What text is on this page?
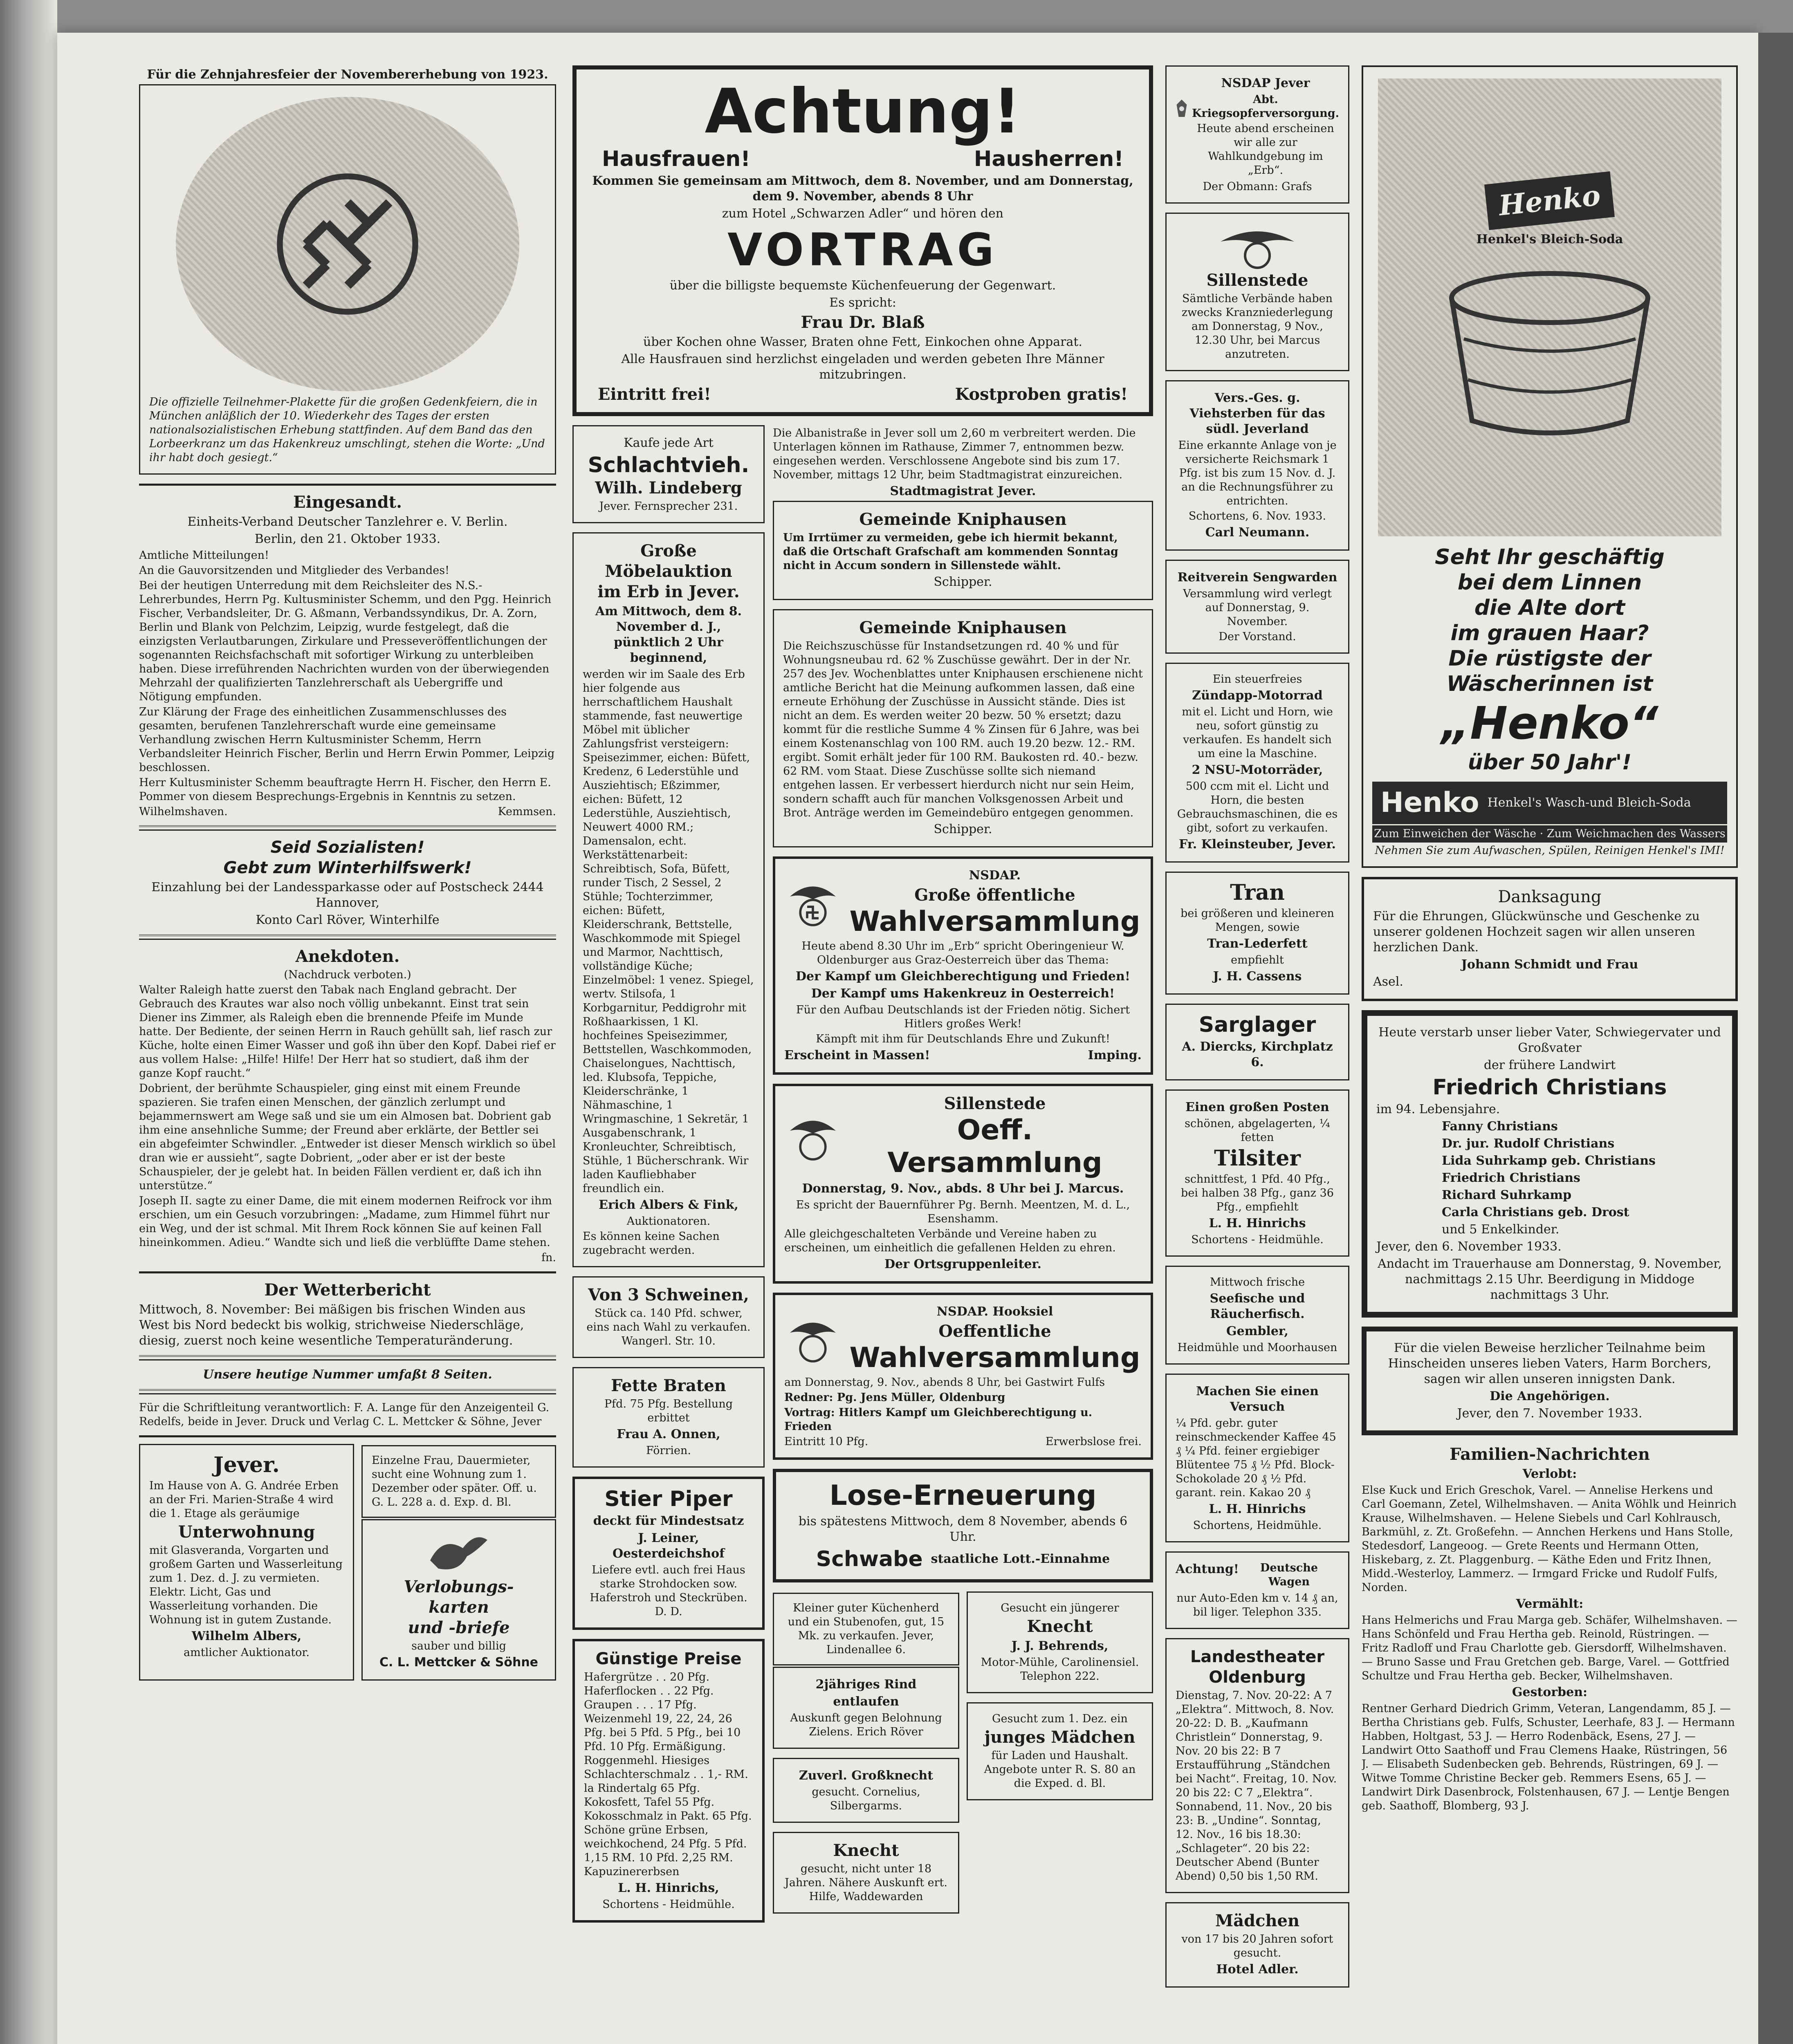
Für die Zehnjahresfeier der Novembererhebung von 1923.
Die offizielle Teilnehmer-Plakette für die großen Gedenkfeiern, die in München anläßlich der 10. Wiederkehr des Tages der ersten nationalsozialistischen Erhebung stattfinden. Auf dem Band das den Lorbeerkranz um das Hakenkreuz umschlingt, stehen die Worte: „Und ihr habt doch gesiegt.“
Eingesandt.
Einheits-Verband Deutscher Tanzlehrer e. V. Berlin.
Berlin, den 21. Oktober 1933.
Amtliche Mitteilungen!
An die Gauvorsitzenden und Mitglieder des Verbandes!
Bei der heutigen Unterredung mit dem Reichsleiter des N.S.-Lehrerbundes, Herrn Pg. Kultusminister Schemm, und den Pgg. Heinrich Fischer, Verbandsleiter, Dr. G. Aßmann, Verbandssyndikus, Dr. A. Zorn, Berlin und Blank von Pelchzim, Leipzig, wurde festgelegt, daß die einzigsten Verlautbarungen, Zirkulare und Presseveröffentlichungen der sogenannten Reichsfachschaft mit sofortiger Wirkung zu unterbleiben haben. Diese irreführenden Nachrichten wurden von der überwiegenden Mehrzahl der qualifizierten Tanzlehrerschaft als Uebergriffe und Nötigung empfunden.
Zur Klärung der Frage des einheitlichen Zusammenschlusses des gesamten, berufenen Tanzlehrerschaft wurde eine gemeinsame Verhandlung zwischen Herrn Kultusminister Schemm, Herrn Verbandsleiter Heinrich Fischer, Berlin und Herrn Erwin Pommer, Leipzig beschlossen.
Herr Kultusminister Schemm beauftragte Herrn H. Fischer, den Herrn E. Pommer von diesem Besprechungs-Ergebnis in Kenntnis zu setzen.
Wilhelmshaven.	Kemmsen.
Seid Sozialisten!
Gebt zum Winterhilfswerk!
Einzahlung bei der Landessparkasse oder auf Postscheck 2444 Hannover,
Konto Carl Röver, Winterhilfe
Anekdoten.
(Nachdruck verboten.)
Walter Raleigh hatte zuerst den Tabak nach England gebracht. Der Gebrauch des Krautes war also noch völlig unbekannt. Einst trat sein Diener ins Zimmer, als Raleigh eben die brennende Pfeife im Munde hatte. Der Bediente, der seinen Herrn in Rauch gehüllt sah, lief rasch zur Küche, holte einen Eimer Wasser und goß ihn über den Kopf. Dabei rief er aus vollem Halse: „Hilfe! Hilfe! Der Herr hat so studiert, daß ihm der ganze Kopf raucht.“
Dobrient, der berühmte Schauspieler, ging einst mit einem Freunde spazieren. Sie trafen einen Menschen, der gänzlich zerlumpt und bejammernswert am Wege saß und sie um ein Almosen bat. Dobrient gab ihm eine ansehnliche Summe; der Freund aber erklärte, der Bettler sei ein abgefeimter Schwindler. „Entweder ist dieser Mensch wirklich so übel dran wie er aussieht“, sagte Dobrient, „oder aber er ist der beste Schauspieler, der je gelebt hat. In beiden Fällen verdient er, daß ich ihn unterstütze.“
Joseph II. sagte zu einer Dame, die mit einem modernen Reifrock vor ihm erschien, um ein Gesuch vorzubringen: „Madame, zum Himmel führt nur ein Weg, und der ist schmal. Mit Ihrem Rock können Sie auf keinen Fall hineinkommen. Adieu.“ Wandte sich und ließ die verblüffte Dame stehen.
fn.
Der Wetterbericht
Mittwoch, 8. November: Bei mäßigen bis frischen Winden aus West bis Nord bedeckt bis wolkig, strichweise Niederschläge, diesig, zuerst noch keine wesentliche Temperaturänderung.
Unsere heutige Nummer umfaßt 8 Seiten.
Für die Schriftleitung verantwortlich: F. A. Lange für den Anzeigenteil G. Redelfs, beide in Jever. Druck und Verlag C. L. Mettcker & Söhne, Jever
Jever.
Im Hause von A. G. Andrée Erben an der Fri. Marien-Straße 4 wird die 1. Etage als geräumige
Unterwohnung
mit Glasveranda, Vorgarten und großem Garten und Wasserleitung zum 1. Dez. d. J. zu vermieten. Elektr. Licht, Gas und Wasserleitung vorhanden. Die Wohnung ist in gutem Zustande.
Wilhelm Albers,
amtlicher Auktionator.
Einzelne Frau, Dauermieter, sucht eine Wohnung zum 1. Dezember oder später. Off. u. G. L. 228 a. d. Exp. d. Bl.
Verlobungs-
karten
und -briefe
sauber und billig
C. L. Mettcker & Söhne
Achtung!
Hausfrauen!	Hausherren!
Kommen Sie gemeinsam am Mittwoch, dem 8. November, und am Donnerstag, dem 9. November, abends 8 Uhr
zum Hotel „Schwarzen Adler“ und hören den
VORTRAG
über die billigste bequemste Küchenfeuerung der Gegenwart.
Es spricht:
Frau Dr. Blaß
über Kochen ohne Wasser, Braten ohne Fett, Einkochen ohne Apparat.
Alle Hausfrauen sind herzlichst eingeladen und werden gebeten Ihre Männer mitzubringen.
Eintritt frei!	Kostproben gratis!
Kaufe jede Art
Schlachtvieh.
Wilh. Lindeberg
Jever. Fernsprecher 231.
Große
Möbelauktion
im Erb in Jever.
Am Mittwoch, dem 8. November d. J., pünktlich 2 Uhr beginnend,
werden wir im Saale des Erb hier folgende aus herrschaftlichem Haushalt stammende, fast neuwertige Möbel mit üblicher Zahlungsfrist versteigern: Speisezimmer, eichen: Büfett, Kredenz, 6 Lederstühle und Ausziehtisch; Eßzimmer, eichen: Büfett, 12 Lederstühle, Ausziehtisch, Neuwert 4000 RM.; Damensalon, echt. Werkstättenarbeit: Schreibtisch, Sofa, Büfett, runder Tisch, 2 Sessel, 2 Stühle; Tochterzimmer, eichen: Büfett, Kleiderschrank, Bettstelle, Waschkommode mit Spiegel und Marmor, Nachttisch, vollständige Küche; Einzelmöbel: 1 venez. Spiegel, wertv. Stilsofa, 1 Korbgarnitur, Peddigrohr mit Roßhaarkissen, 1 Kl. hochfeines Speisezimmer, Bettstellen, Waschkommoden, Chaiselongues, Nachttisch, led. Klubsofa, Teppiche, Kleiderschränke, 1 Nähmaschine, 1 Wringmaschine, 1 Sekretär, 1 Ausgabenschrank, 1 Kronleuchter, Schreibtisch, Stühle, 1 Bücherschrank. Wir laden Kaufliebhaber freundlich ein.
Erich Albers & Fink,
Auktionatoren.
Es können keine Sachen zugebracht werden.
Von 3 Schweinen,
Stück ca. 140 Pfd. schwer, eins nach Wahl zu verkaufen. Wangerl. Str. 10.
Fette Braten
Pfd. 75 Pfg. Bestellung erbittet
Frau A. Onnen,
Förrien.
Stier Piper
deckt für Mindestsatz
J. Leiner, Oesterdeichshof
Liefere evtl. auch frei Haus starke Strohdocken sow. Haferstroh und Steckrüben. D. D.
Günstige Preise
Hafergrütze . . 20 Pfg. Haferflocken . . 22 Pfg. Graupen . . . 17 Pfg. Weizenmehl 19, 22, 24, 26 Pfg. bei 5 Pfd. 5 Pfg., bei 10 Pfd. 10 Pfg. Ermäßigung. Roggenmehl. Hiesiges Schlachterschmalz . . 1,- RM. la Rindertalg 65 Pfg. Kokosfett, Tafel 55 Pfg. Kokosschmalz in Pakt. 65 Pfg. Schöne grüne Erbsen, weichkochend, 24 Pfg. 5 Pfd. 1,15 RM. 10 Pfd. 2,25 RM. Kapuzinererbsen
L. H. Hinrichs,
Schortens - Heidmühle.
Die Albanistraße in Jever soll um 2,60 m verbreitert werden. Die Unterlagen können im Rathause, Zimmer 7, entnommen bezw. eingesehen werden. Verschlossene Angebote sind bis zum 17. November, mittags 12 Uhr, beim Stadtmagistrat einzureichen.
Stadtmagistrat Jever.
Gemeinde Kniphausen
Um Irrtümer zu vermeiden, gebe ich hiermit bekannt, daß die Ortschaft Grafschaft am kommenden Sonntag nicht in Accum sondern in Sillenstede wählt.
Schipper.
Gemeinde Kniphausen
Die Reichszuschüsse für Instandsetzungen rd. 40 % und für Wohnungsneubau rd. 62 % Zuschüsse gewährt. Der in der Nr. 257 des Jev. Wochenblattes unter Kniphausen erschienene nicht amtliche Bericht hat die Meinung aufkommen lassen, daß eine erneute Erhöhung der Zuschüsse in Aussicht stände. Dies ist nicht an dem. Es werden weiter 20 bezw. 50 % ersetzt; dazu kommt für die restliche Summe 4 % Zinsen für 6 Jahre, was bei einem Kostenanschlag von 100 RM. auch 19.20 bezw. 12.- RM. ergibt. Somit erhält jeder für 100 RM. Baukosten rd. 40.- bezw. 62 RM. vom Staat. Diese Zuschüsse sollte sich niemand entgehen lassen. Er verbessert hierdurch nicht nur sein Heim, sondern schafft auch für manchen Volksgenossen Arbeit und Brot. Anträge werden im Gemeindebüro entgegen genommen.
Schipper.
NSDAP.
Große öffentliche
Wahlversammlung
Heute abend 8.30 Uhr im „Erb“ spricht Oberingenieur W. Oldenburger aus Graz-Oesterreich über das Thema:
Der Kampf um Gleichberechtigung und Frieden!
Der Kampf ums Hakenkreuz in Oesterreich!
Für den Aufbau Deutschlands ist der Frieden nötig. Sichert Hitlers großes Werk!
Kämpft mit ihm für Deutschlands Ehre und Zukunft!
Erscheint in Massen!	Imping.
Sillenstede
Oeff. Versammlung
Donnerstag, 9. Nov., abds. 8 Uhr bei J. Marcus.
Es spricht der Bauernführer Pg. Bernh. Meentzen, M. d. L., Esenshamm.
Alle gleichgeschalteten Verbände und Vereine haben zu erscheinen, um einheitlich die gefallenen Helden zu ehren.
Der Ortsgruppenleiter.
NSDAP. Hooksiel
Oeffentliche
Wahlversammlung
am Donnerstag, 9. Nov., abends 8 Uhr, bei Gastwirt Fulfs
Redner: Pg. Jens Müller, Oldenburg
Vortrag: Hitlers Kampf um Gleichberechtigung u. Frieden
Eintritt 10 Pfg.	Erwerbslose frei.
Lose-Erneuerung
bis spätestens Mittwoch, dem 8 November, abends 6 Uhr.
Schwabe staatliche Lott.-Einnahme
Kleiner guter Küchenherd und ein Stubenofen, gut, 15 Mk. zu verkaufen. Jever, Lindenallee 6.
2jähriges Rind
entlaufen
Auskunft gegen Belohnung Zielens. Erich Röver
Zuverl. Großknecht
gesucht. Cornelius, Silbergarms.
Knecht
gesucht, nicht unter 18 Jahren. Nähere Auskunft ert. Hilfe, Waddewarden
Gesucht ein jüngerer
Knecht
J. J. Behrends,
Motor-Mühle, Carolinensiel. Telephon 222.
Gesucht zum 1. Dez. ein
junges Mädchen
für Laden und Haushalt. Angebote unter R. S. 80 an die Exped. d. Bl.
NSDAP Jever
Abt. Kriegsopferversorgung.
Heute abend erscheinen wir alle zur Wahlkundgebung im „Erb“.
Der Obmann: Grafs
Sillenstede
Sämtliche Verbände haben zwecks Kranzniederlegung am Donnerstag, 9 Nov., 12.30 Uhr, bei Marcus anzutreten.
Vers.-Ges. g. Viehsterben für das südl. Jeverland
Eine erkannte Anlage von je versicherte Reichsmark 1 Pfg. ist bis zum 15 Nov. d. J. an die Rechnungsführer zu entrichten.
Schortens, 6. Nov. 1933.
Carl Neumann.
Reitverein Sengwarden
Versammlung wird verlegt auf Donnerstag, 9. November.
Der Vorstand.
Ein steuerfreies
Zündapp-Motorrad
mit el. Licht und Horn, wie neu, sofort günstig zu verkaufen. Es handelt sich um eine la Maschine.
2 NSU-Motorräder,
500 ccm mit el. Licht und Horn, die besten Gebrauchsmaschinen, die es gibt, sofort zu verkaufen.
Fr. Kleinsteuber, Jever.
Tran
bei größeren und kleineren Mengen, sowie
Tran-Lederfett
empfiehlt
J. H. Cassens
Sarglager
A. Diercks, Kirchplatz 6.
Einen großen Posten
schönen, abgelagerten, ¼ fetten
Tilsiter
schnittfest, 1 Pfd. 40 Pfg., bei halben 38 Pfg., ganz 36 Pfg., empfiehlt
L. H. Hinrichs
Schortens - Heidmühle.
Mittwoch frische
Seefische und Räucherfisch.
Gembler,
Heidmühle und Moorhausen
Machen Sie einen Versuch
¼ Pfd. gebr. guter reinschmeckender Kaffee 45 ₰ ¼ Pfd. feiner ergiebiger Blütentee 75 ₰ ½ Pfd. Block-Schokolade 20 ₰ ½ Pfd. garant. rein. Kakao 20 ₰
L. H. Hinrichs
Schortens, Heidmühle.
Achtung!	Deutsche Wagen
nur Auto-Eden km v. 14 ₰ an, bil liger. Telephon 335.
Landestheater Oldenburg
Dienstag, 7. Nov. 20-22: A 7 „Elektra“. Mittwoch, 8. Nov. 20-22: D. B. „Kaufmann Christlein“ Donnerstag, 9. Nov. 20 bis 22: B 7 Erstaufführung „Ständchen bei Nacht“. Freitag, 10. Nov. 20 bis 22: C 7 „Elektra“. Sonnabend, 11. Nov., 20 bis 23: B. „Undine“. Sonntag, 12. Nov., 16 bis 18.30: „Schlageter“. 20 bis 22: Deutscher Abend (Bunter Abend) 0,50 bis 1,50 RM.
Mädchen
von 17 bis 20 Jahren sofort gesucht.
Hotel Adler.
Henko
Henkel's Bleich-Soda
Seht Ihr geschäftig
bei dem Linnen
die Alte dort
im grauen Haar?
Die rüstigste der
Wäscherinnen ist
„Henko“
über 50 Jahr'!
Henko Henkel's Wasch-und Bleich-Soda
Zum Einweichen der Wäsche · Zum Weichmachen des Wassers
Nehmen Sie zum Aufwaschen, Spülen, Reinigen Henkel's IMI!
Danksagung
Für die Ehrungen, Glückwünsche und Geschenke zu unserer goldenen Hochzeit sagen wir allen unseren herzlichen Dank.
Johann Schmidt und Frau
Asel.
Heute verstarb unser lieber Vater, Schwiegervater und Großvater
der frühere Landwirt
Friedrich Christians
im 94. Lebensjahre.
Fanny Christians
Dr. jur. Rudolf Christians
Lida Suhrkamp geb. Christians
Friedrich Christians
Richard Suhrkamp
Carla Christians geb. Drost
und 5 Enkelkinder.
Jever, den 6. November 1933.
Andacht im Trauerhause am Donnerstag, 9. November, nachmittags 2.15 Uhr. Beerdigung in Middoge nachmittags 3 Uhr.
Für die vielen Beweise herzlicher Teilnahme beim Hinscheiden unseres lieben Vaters, Harm Borchers, sagen wir allen unseren innigsten Dank.
Die Angehörigen.
Jever, den 7. November 1933.
Familien-Nachrichten
Verlobt:
Else Kuck und Erich Greschok, Varel. — Annelise Herkens und Carl Goemann, Zetel, Wilhelmshaven. — Anita Wöhlk und Heinrich Krause, Wilhelmshaven. — Helene Siebels und Carl Kohlrausch, Barkmühl, z. Zt. Großefehn. — Annchen Herkens und Hans Stolle, Stedesdorf, Langeoog. — Grete Reents und Hermann Otten, Hiskebarg, z. Zt. Plaggenburg. — Käthe Eden und Fritz Ihnen, Midd.-Westerloy, Lammerz. — Irmgard Fricke und Rudolf Fulfs, Norden.
Vermählt:
Hans Helmerichs und Frau Marga geb. Schäfer, Wilhelmshaven. — Hans Schönfeld und Frau Hertha geb. Reinold, Rüstringen. — Fritz Radloff und Frau Charlotte geb. Giersdorff, Wilhelmshaven. — Bruno Sasse und Frau Gretchen geb. Barge, Varel. — Gottfried Schultze und Frau Hertha geb. Becker, Wilhelmshaven.
Gestorben:
Rentner Gerhard Diedrich Grimm, Veteran, Langendamm, 85 J. — Bertha Christians geb. Fulfs, Schuster, Leerhafe, 83 J. — Hermann Habben, Holtgast, 53 J. — Herro Rodenbäck, Esens, 27 J. — Landwirt Otto Saathoff und Frau Clemens Haake, Rüstringen, 56 J. — Elisabeth Sudenbecken geb. Behrends, Rüstringen, 69 J. — Witwe Tomme Christine Becker geb. Remmers Esens, 65 J. — Landwirt Dirk Dasenbrock, Folstenhausen, 67 J. — Lentje Bengen geb. Saathoff, Blomberg, 93 J.
